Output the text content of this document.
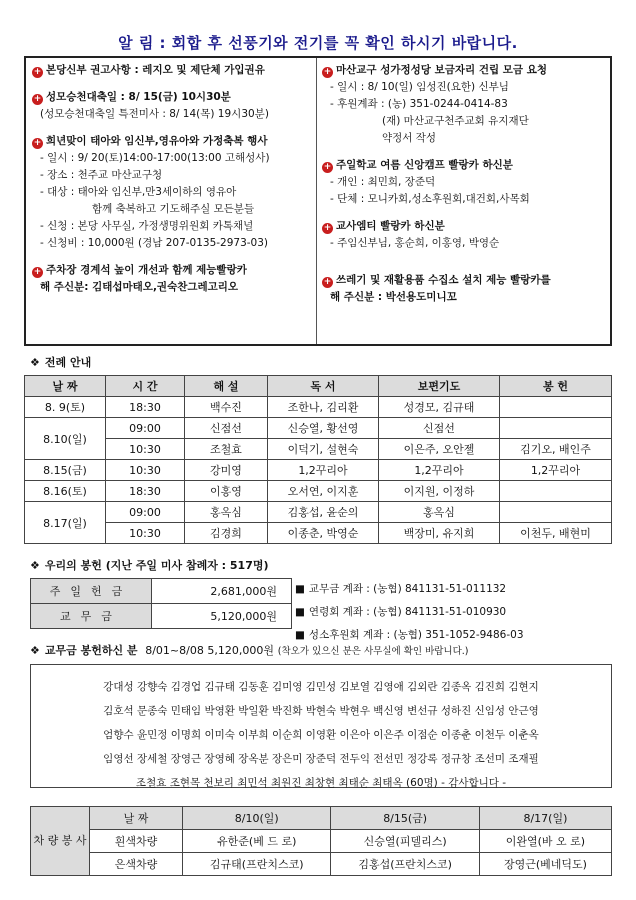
알 림 : 회합 후 선풍기와 전기를 꼭 확인 하시기 바랍니다.
+ 본당신부 권고사항 : 레지오 및 제단체 가입권유
+ 성모승천대축일 : 8/ 15(금) 10시30분
(성모승천대축일 특전미사 : 8/ 14(목) 19시30분)
+ 희년맞이 태아와 임신부,영유아와 가정축복 행사
- 일시 : 9/ 20(토)14:00-17:00(13:00 고해성사)
- 장소 : 천주교 마산교구청
- 대상 : 태아와 임신부,만3세이하의 영유아
함께 축복하고 기도해주실 모든분들
- 신청 : 본당 사무실, 가정생명위원회 카톡채널
- 신청비 : 10,000원 (경남 207-0135-2973-03)
+ 주차장 경계석 높이 개선과 함께 제능빨랑카
해 주신분: 김태섭마태오,권숙찬그레고리오
+ 마산교구 성가정성당 보금자리 건립 모금 요청
- 일시 : 8/ 10(일) 임성진(요한) 신부님
- 후원계좌 : (농) 351-0244-0414-83
(재) 마산교구천주교회 유지재단
약정서 작성
+ 주일학교 여름 신앙캠프 빨랑카 하신분
- 개인 : 최민희, 장준덕
- 단체 : 모니카회,성소후원회,대건회,사목회
+ 교사엠티 빨랑카 하신분
- 주임신부님, 홍순희, 이홍영, 박영순
+ 쓰레기 및 재활용품 수집소 설치 제능 빨랑카를
해 주신분 : 박선용도미니꼬
❖ 전례 안내
날 짜	시 간	해 설	독 서	보편기도	봉 헌
8. 9(토)	18:30	백수진	조한나, 김리환	성경모, 김규태	
8.10(일)	09:00	신점선	신승열, 황선영	신점선	
	10:30	조철효	이덕기, 설현숙	이은주, 오안젤	김기오, 배인주
8.15(금)	10:30	강미영	1,2꾸리아	1,2꾸리아	1,2꾸리아
8.16(토)	18:30	이홍영	오서연, 이지훈	이지원, 이정하	
8.17(일)	09:00	홍옥심	김홍섭, 윤순의	홍옥심	
	10:30	김경희	이종춘, 박영순	백장미, 유지희	이천두, 배현미
❖ 우리의 봉헌 (지난 주일 미사 참례자 : 517명)
주일헌금	2,681,000원
교무금	5,120,000원
■ 교무금 계좌 : (농협) 841131-51-011132
■ 연령회 계좌 : (농협) 841131-51-010930
■ 성소후원회 계좌 : (농협) 351-1052-9486-03
❖ 교무금 봉헌하신 분 8/01~8/08 5,120,000원 (착오가 있으신 분은 사무실에 확인 바랍니다.)
강대성 강향숙 김경업 김규태 김동훈 김미영 김민성 김보열 김영애 김외란 김종옥 김진희 김현지
김호석 문종숙 민태임 박영환 박일환 박진화 박현숙 박현우 백신영 변선규 성하진 신임성 안근영
엄향수 윤민정 이명희 이미숙 이부희 이순희 이영환 이은아 이은주 이점순 이종춘 이천두 이춘옥
임영선 장세철 장영근 장영혜 장옥분 장은미 장준덕 전두익 전선민 정강록 정규창 조선미 조재필
조철효 조현목 천보리 최민석 최원진 최창현 최태순 최태옥 (60명) - 감사합니다 -
차 량 봉 사	날 짜	8/10(일)	8/15(금)	8/17(일)
	흰색차량	유한준(베 드 로)	신승열(피델리스)	이완열(바 오 로)
	은색차량	김규태(프란치스코)	김홍섭(프란치스코)	장영근(베네딕도)
